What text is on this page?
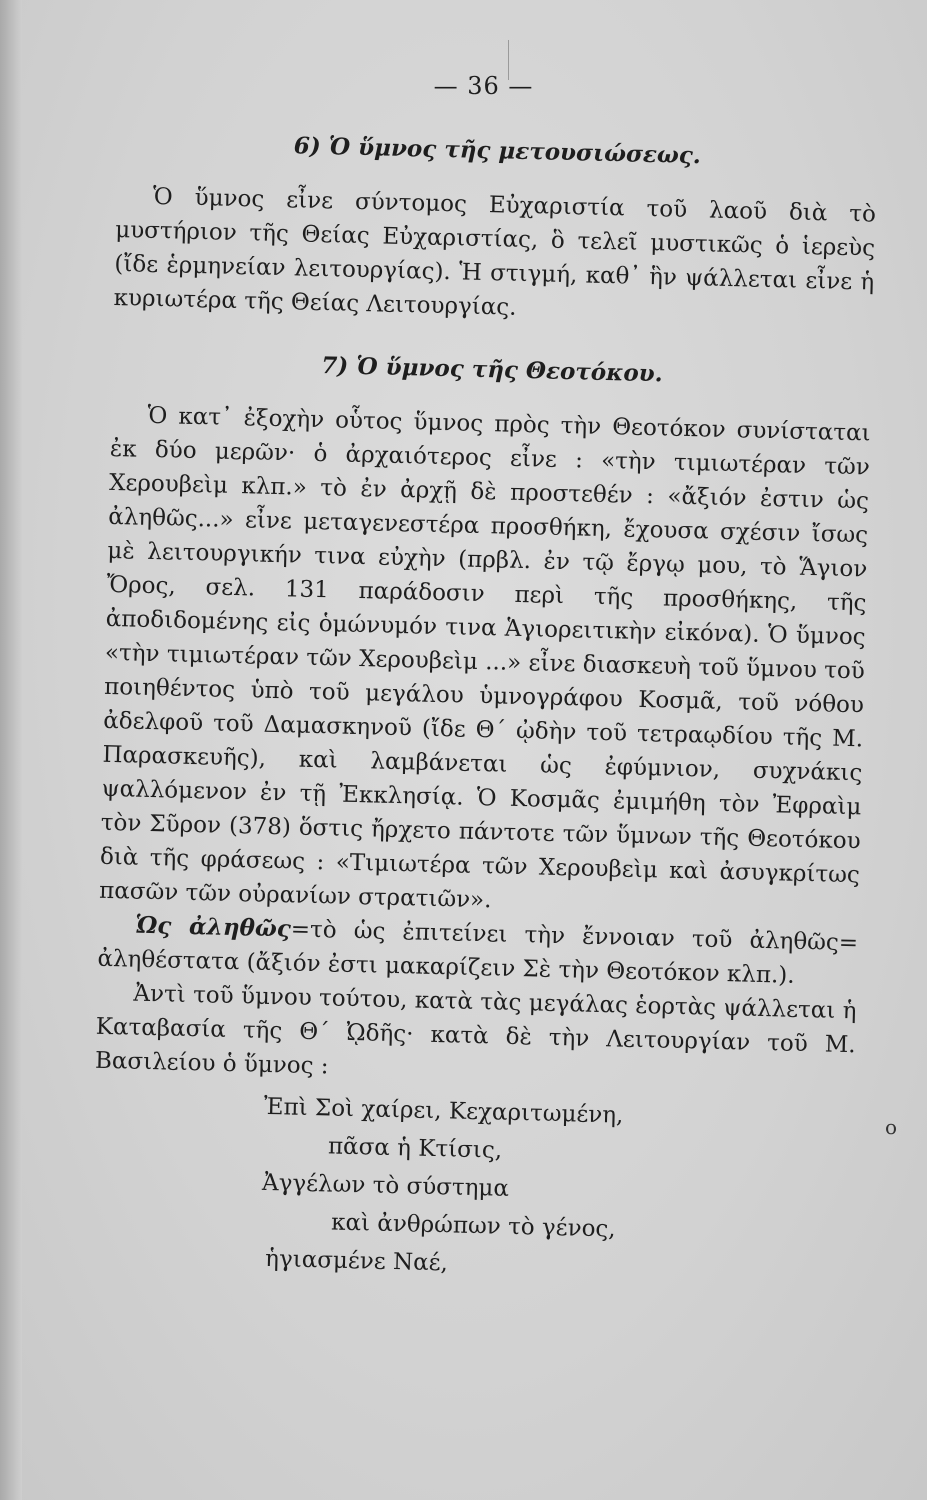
o
— 36 —

6) Ὁ ὕμνος τῆς μετουσιώσεως.

Ὁ ὕμνος εἶνε σύντομος Εὐχαριστία τοῦ λαοῦ διὰ τὸ μυστήριον τῆς Θείας Εὐχαριστίας, ὃ τελεῖ μυστικῶς ὁ ἱερεὺς (ἴδε ἑρμηνείαν λειτουργίας). Ἡ στιγμή, καθ᾽ ἣν ψάλλεται εἶνε ἡ κυριωτέρα τῆς Θείας Λειτουργίας.

7) Ὁ ὕμνος τῆς Θεοτόκου.

Ὁ κατ᾽ ἐξοχὴν οὗτος ὕμνος πρὸς τὴν Θεοτόκον συνίσταται ἐκ δύο μερῶν· ὁ ἀρχαιότερος εἶνε : «τὴν τιμιωτέραν τῶν Χερουβεὶμ κλπ.» τὸ ἐν ἀρχῇ δὲ προστεθέν : «ἄξιόν ἐστιν ὡς ἀληθῶς...» εἶνε μεταγενεστέρα προσθήκη, ἔχουσα σχέσιν ἴσως μὲ λειτουργικήν τινα εὐχὴν (πρβλ. ἐν τῷ ἔργῳ μου, τὸ Ἅγιον Ὄρος, σελ. 131 παράδοσιν περὶ τῆς προσθήκης, τῆς ἀποδιδομένης εἰς ὁμώνυμόν τινα Ἁγιορειτικὴν εἰκόνα). Ὁ ὕμνος «τὴν τιμιωτέραν τῶν Χερουβεὶμ ...» εἶνε διασκευὴ τοῦ ὕμνου τοῦ ποιηθέντος ὑπὸ τοῦ μεγάλου ὑμνογράφου Κοσμᾶ, τοῦ νόθου ἀδελφοῦ τοῦ Δαμασκηνοῦ (ἴδε Θ´ ᾠδὴν τοῦ τετραῳδίου τῆς Μ. Παρασκευῆς), καὶ λαμβάνεται ὡς ἐφύμνιον, συχνάκις ψαλλόμενον ἐν τῇ Ἐκκλησίᾳ. Ὁ Κοσμᾶς ἐμιμήθη τὸν Ἐφραὶμ τὸν Σῦρον (378) ὅστις ἤρχετο πάντοτε τῶν ὕμνων τῆς Θεοτόκου διὰ τῆς φράσεως : «Τιμιωτέρα τῶν Χερουβεὶμ καὶ ἀσυγκρίτως πασῶν τῶν οὐρανίων στρατιῶν».

Ὡς ἀληθῶς=τὸ ὡς ἐπιτείνει τὴν ἔννοιαν τοῦ ἀληθῶς= ἀληθέστατα (ἄξιόν ἐστι μακαρίζειν Σὲ τὴν Θεοτόκον κλπ.).

Ἀντὶ τοῦ ὕμνου τούτου, κατὰ τὰς μεγάλας ἑορτὰς ψάλλεται ἡ Καταβασία τῆς Θ´ ᾨδῆς· κατὰ δὲ τὴν Λειτουργίαν τοῦ Μ. Βασιλείου ὁ ὕμνος :

Ἐπὶ Σοὶ χαίρει, Κεχαριτωμένη,
πᾶσα ἡ Κτίσις,
Ἀγγέλων τὸ σύστημα
καὶ ἀνθρώπων τὸ γένος,
ἡγιασμένε Ναέ,
